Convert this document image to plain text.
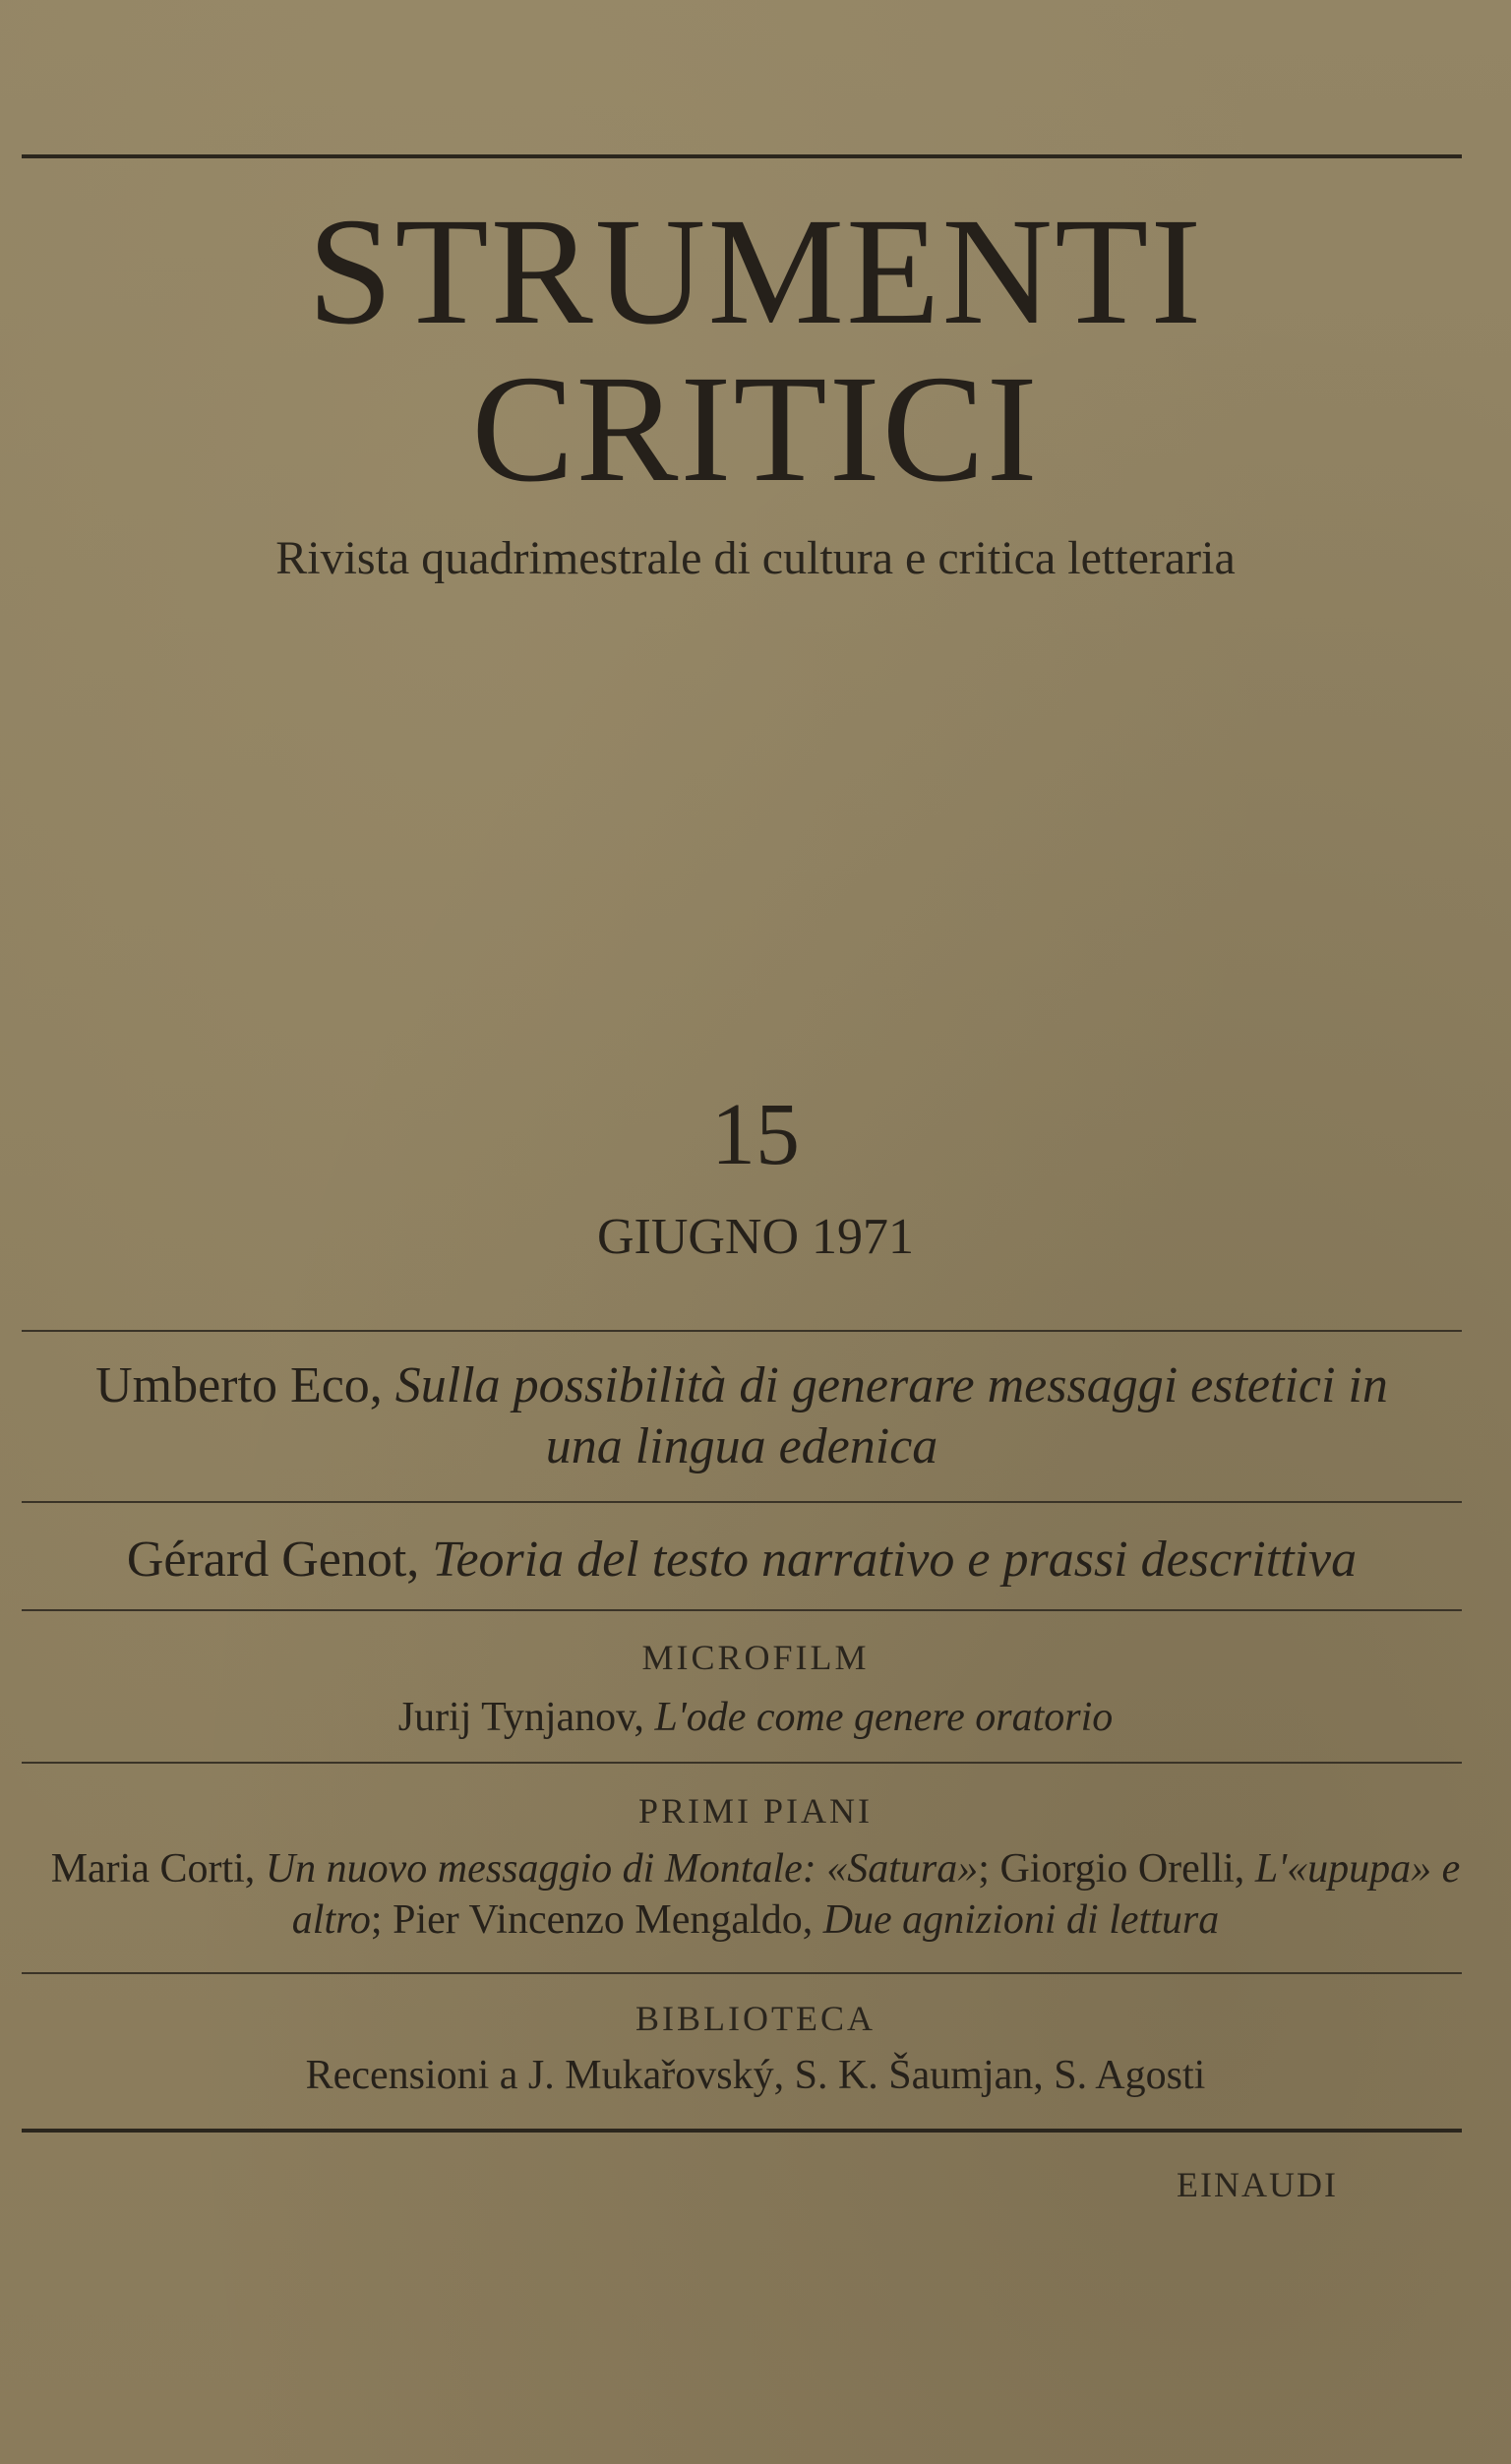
STRUMENTI
CRITICI
Rivista quadrimestrale di cultura e critica letteraria
15
GIUGNO 1971
Umberto Eco, Sulla possibilità di generare messaggi estetici in
una lingua edenica
Gérard Genot, Teoria del testo narrativo e prassi descrittiva
MICROFILM
Jurij Tynjanov, L'ode come genere oratorio
PRIMI PIANI
Maria Corti, Un nuovo messaggio di Montale: «Satura»; Giorgio Orelli, L'«upupa» e altro; Pier Vincenzo Mengaldo, Due agnizioni di lettura
BIBLIOTECA
Recensioni a J. Mukařovský, S. K. Šaumjan, S. Agosti
EINAUDI
